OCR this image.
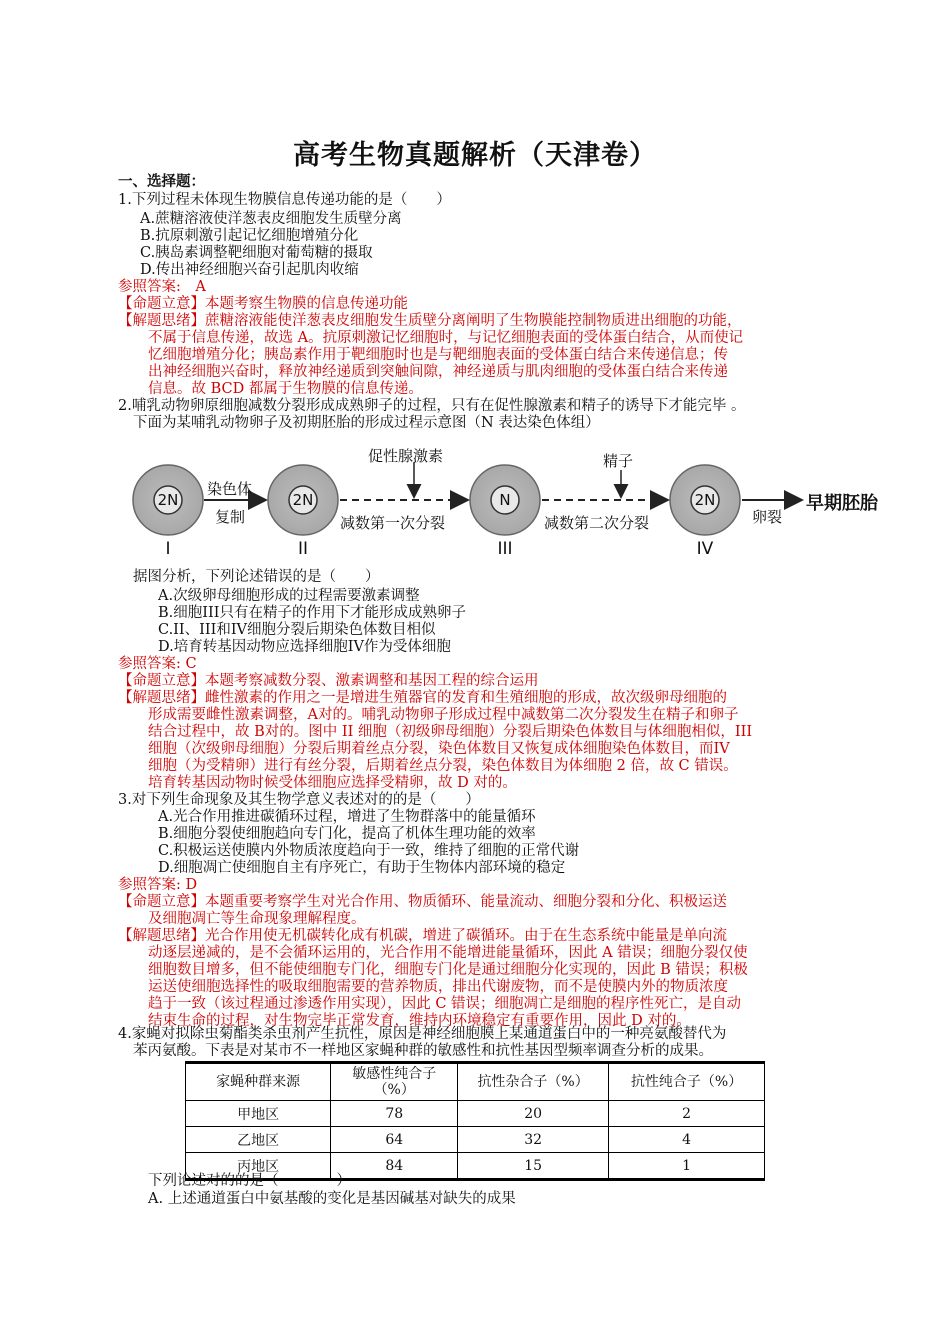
高考生物真题解析（天津卷）
一、选择题：
1.下列过程未体现生物膜信息传递功能的是（　　）
A.蔗糖溶液使洋葱表皮细胞发生质壁分离
B.抗原刺激引起记忆细胞增殖分化
C.胰岛素调整靶细胞对葡萄糖的摄取
D.传出神经细胞兴奋引起肌肉收缩
参照答案:　A
【命题立意】本题考察生物膜的信息传递功能
【解题思绪】蔗糖溶液能使洋葱表皮细胞发生质壁分离阐明了生物膜能控制物质进出细胞的功能，
不属于信息传递，故选 A。抗原刺激记忆细胞时，与记忆细胞表面的受体蛋白结合，从而使记
忆细胞增殖分化；胰岛素作用于靶细胞时也是与靶细胞表面的受体蛋白结合来传递信息；传
出神经细胞兴奋时，释放神经递质到突触间隙，神经递质与肌肉细胞的受体蛋白结合来传递
信息。故 BCD 都属于生物膜的信息传递。
2.哺乳动物卵原细胞减数分裂形成成熟卵子的过程，只有在促性腺激素和精子的诱导下才能完毕 。
下面为某哺乳动物卵子及初期胚胎的形成过程示意图（N 表达染色体组）
2N	2N	N	2N
I	II	III	IV
染色体
复制
促性腺激素
减数第一次分裂
精子
减数第二次分裂	卵裂
早期胚胎
据图分析，下列论述错误的是（　　）
A.次级卵母细胞形成的过程需要激素调整
B.细胞III只有在精子的作用下才能形成成熟卵子
C.II、III和IV细胞分裂后期染色体数目相似
D.培育转基因动物应选择细胞IV作为受体细胞
参照答案: C
【命题立意】本题考察减数分裂、激素调整和基因工程的综合运用
【解题思绪】雌性激素的作用之一是增进生殖器官的发育和生殖细胞的形成，故次级卵母细胞的
形成需要雌性激素调整，A对的。哺乳动物卵子形成过程中减数第二次分裂发生在精子和卵子
结合过程中，故 B对的。图中 II 细胞（初级卵母细胞）分裂后期染色体数目与体细胞相似，III
细胞（次级卵母细胞）分裂后期着丝点分裂，染色体数目又恢复成体细胞染色体数目，而IV
细胞（为受精卵）进行有丝分裂，后期着丝点分裂，染色体数目为体细胞 2 倍，故 C 错误。
培育转基因动物时候受体细胞应选择受精卵，故 D 对的。
3.对下列生命现象及其生物学意义表述对的的是（　　）
A.光合作用推进碳循环过程，增进了生物群落中的能量循环
B.细胞分裂使细胞趋向专门化，提高了机体生理功能的效率
C.积极运送使膜内外物质浓度趋向于一致，维持了细胞的正常代谢
D.细胞凋亡使细胞自主有序死亡，有助于生物体内部环境的稳定
参照答案: D
【命题立意】本题重要考察学生对光合作用、物质循环、能量流动、细胞分裂和分化、积极运送
及细胞凋亡等生命现象理解程度。
【解题思绪】光合作用使无机碳转化成有机碳，增进了碳循环。由于在生态系统中能量是单向流
动逐层递减的，是不会循环运用的，光合作用不能增进能量循环，因此 A 错误；细胞分裂仅使
细胞数目增多，但不能使细胞专门化，细胞专门化是通过细胞分化实现的，因此 B 错误；积极
运送使细胞选择性的吸取细胞需要的营养物质，排出代谢废物，而不是使膜内外的物质浓度
趋于一致（该过程通过渗透作用实现），因此 C 错误；细胞凋亡是细胞的程序性死亡，是自动
结束生命的过程，对生物完毕正常发育，维持内环境稳定有重要作用，因此 D 对的。
4.家蝇对拟除虫菊酯类杀虫剂产生抗性，原因是神经细胞膜上某通道蛋白中的一种亮氨酸替代为
苯丙氨酸。下表是对某市不一样地区家蝇种群的敏感性和抗性基因型频率调查分析的成果。
家蝇种群来源	敏感性纯合子（%）	抗性杂合子（%）	抗性纯合子（%）
甲地区	78	20	2
乙地区	64	32	4
丙地区	84	15	1
下列论述对的的是（　　　　）
A. 上述通道蛋白中氨基酸的变化是基因碱基对缺失的成果
